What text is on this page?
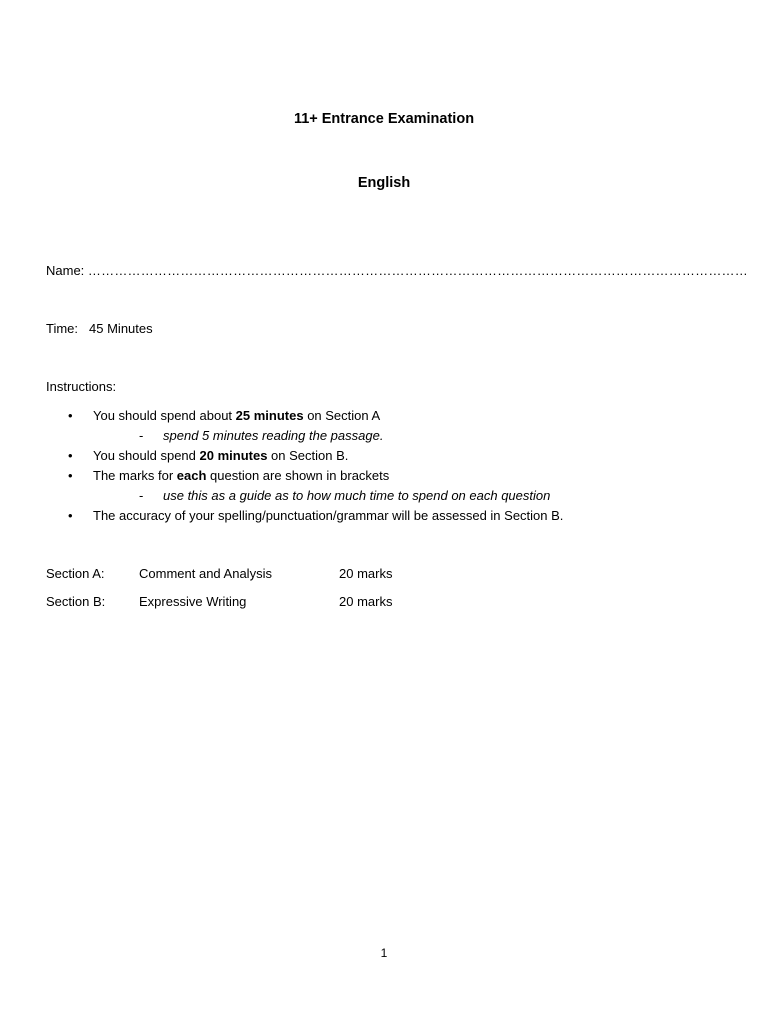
11+ Entrance Examination
English
Name: ……………………………………………………………………………………………………………………………………
Time: 45 Minutes
Instructions:
• You should spend about 25 minutes on Section A
- spend 5 minutes reading the passage.
• You should spend 20 minutes on Section B.
• The marks for each question are shown in brackets
- use this as a guide as to how much time to spend on each question
• The accuracy of your spelling/punctuation/grammar will be assessed in Section B.
Section A:	Comment and Analysis	20 marks
Section B:	Expressive Writing	20 marks
1
